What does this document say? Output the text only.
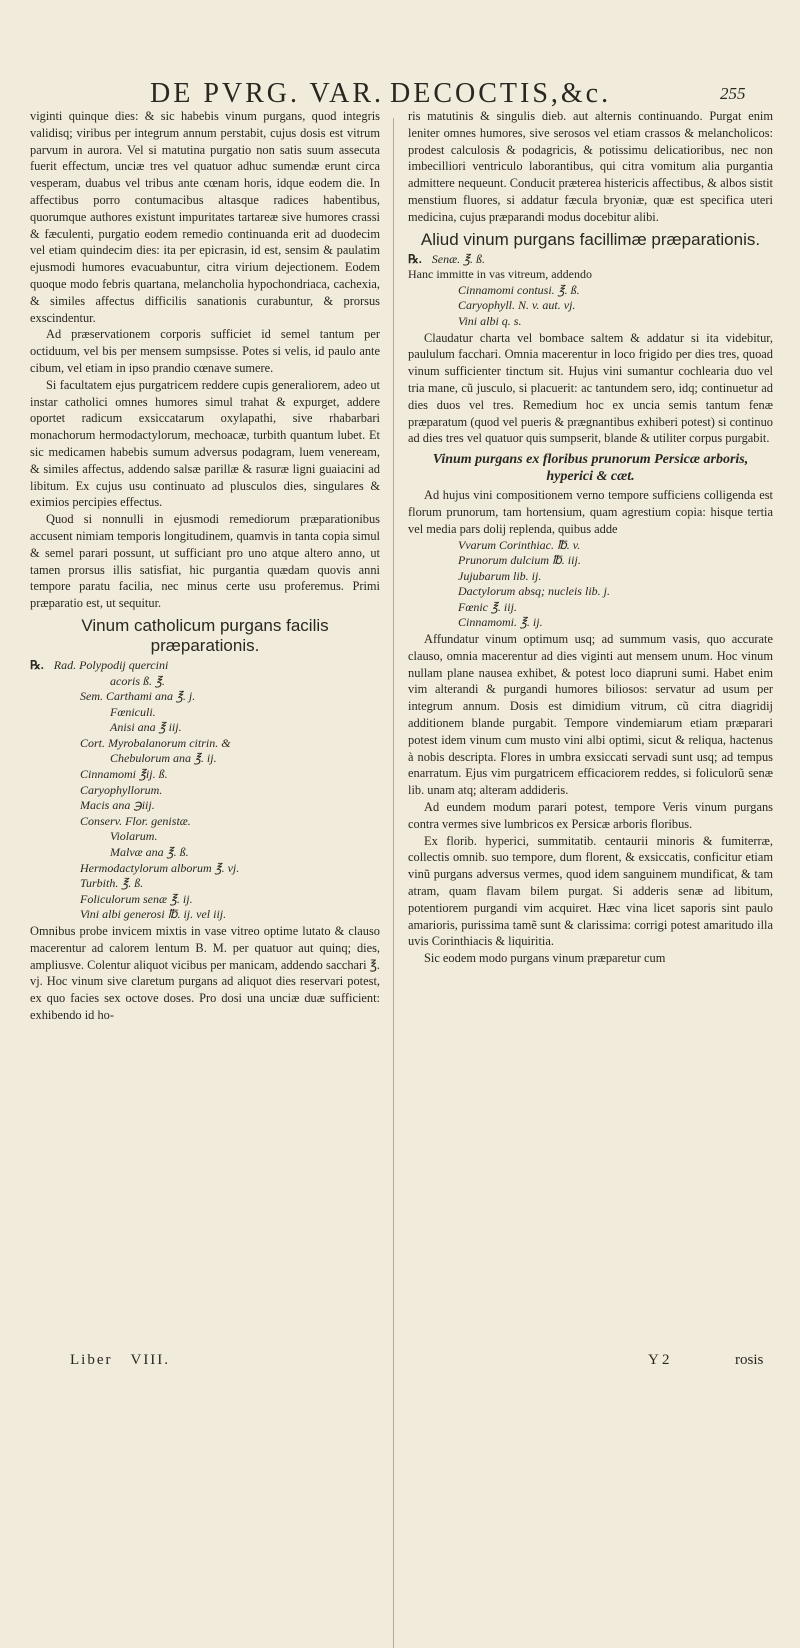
DE PVRG. VAR. DECOCTIS,&c.	255

viginti quinque dies: & sic habebis vinum purgans, quod integris validisq; viribus per integrum annum perstabit, cujus dosis est vitrum parvum in aurora. Vel si matutina purgatio non satis suum assecuta fuerit effectum, unciæ tres vel quatuor adhuc sumendæ erunt circa vesperam, duabus vel tribus ante cœnam horis, idque eodem die. In affectibus porro contumacibus altasque radices habentibus, quorumque authores existunt impuritates tartareæ sive humores crassi & fæculenti, purgatio eodem remedio continuanda erit ad duodecim vel etiam quindecim dies: ita per epicrasin, id est, sensim & paulatim ejusmodi humores evacuabuntur, citra virium dejectionem. Eodem quoque modo febris quartana, melancholia hypochondriaca, cachexia, & similes affectus difficilis sanationis curabuntur, & prorsus exscindentur.

Ad præservationem corporis sufficiet id semel tantum per octiduum, vel bis per mensem sumpsisse. Potes si velis, id paulo ante cibum, vel etiam in ipso prandio cœnave sumere.

Si facultatem ejus purgatricem reddere cupis generaliorem, adeo ut instar catholici omnes humores simul trahat & expurget, addere oportet radicum exsiccatarum oxylapathi, sive rhabarbari monachorum hermodactylorum, mechoacæ, turbith quantum lubet. Et sic medicamen habebis sumum adversus podagram, luem veneream, & similes affectus, addendo salsæ parillæ & rasuræ ligni guaiacini ad libitum. Ex cujus usu continuato ad plusculos dies, singulares & eximios percipies effectus.

Quod si nonnulli in ejusmodi remediorum præparationibus accusent nimiam temporis longitudinem, quamvis in tanta copia simul & semel parari possunt, ut sufficiant pro uno atque altero anno, ut tamen prorsus illis satisfiat, hic purgantia quædam quovis anni tempore paratu facilia, nec minus certe usu proferemus. Primi præparatio est, ut sequitur.

Vinum catholicum purgans facilis præparationis.
℞. Rad. Polypodij quercini
acoris ß. ℥.
Sem. Carthami ana ℥. j.
Fœniculi.
Anisi ana ℥ iij.
Cort. Myrobalanorum citrin. &
Chebulorum ana ℥. ij.
Cinnamomi ℥ij. ß.
Caryophyllorum.
Macis ana ℈iij.
Conserv. Flor. genistæ.
Violarum.
Malvæ ana ℥. ß.
Hermodactylorum alborum ℥. vj.
Turbith. ℥. ß.
Foliculorum senæ ℥. ij.
Vini albi generosi ℔. ij. vel iij.

Omnibus probe invicem mixtis in vase vitreo optime lutato & clauso macerentur ad calorem lentum B. M. per quatuor aut quinq; dies, ampliusve. Colentur aliquot vicibus per manicam, addendo sacchari ℥. vj. Hoc vinum sive claretum purgans ad aliquot dies reservari potest, ex quo facies sex octove doses. Pro dosi una unciæ duæ sufficient: exhibendo id ho-

ris matutinis & singulis dieb. aut alternis continuando. Purgat enim leniter omnes humores, sive serosos vel etiam crassos & melancholicos: prodest calculosis & podagricis, & potissimu delicatioribus, nec non imbecilliori ventriculo laborantibus, qui citra vomitum alia purgantia admittere nequeunt. Conducit præterea histericis affectibus, & albos sistit menstium fluores, si addatur fæcula bryoniæ, quæ est specifica uteri medicina, cujus præparandi modus docebitur alibi.

Aliud vinum purgans facillimæ præparationis.
℞. Senæ. ℥. ß.
Hanc immitte in vas vitreum, addendo
Cinnamomi contusi. ℥. ß.
Caryophyll. N. v. aut. vj.
Vini albi q. s.

Claudatur charta vel bombace saltem & addatur si ita videbitur, paululum facchari. Omnia macerentur in loco frigido per dies tres, quoad vinum sufficienter tinctum sit. Hujus vini sumantur cochlearia duo vel tria mane, cũ jusculo, si placuerit: ac tantundem sero, idq; continuetur ad dies duos vel tres. Remedium hoc ex uncia semis tantum fenæ præparatum (quod vel pueris & prægnantibus exhiberi potest) si continuo ad dies tres vel quatuor quis sumpserit, blande & utiliter corpus purgabit.

Vinum purgans ex floribus prunorum Persicæ arboris, hyperici & cæt.

Ad hujus vini compositionem verno tempore sufficiens colligenda est florum prunorum, tam hortensium, quam agrestium copia: hisque tertia vel media pars dolij replenda, quibus adde

Vvarum Corinthiac. ℔. v.
Prunorum dulcium ℔. iij.
Jujubarum lib. ij.
Dactylorum absq; nucleis lib. j.
Fœnic ℥. iij.
Cinnamomi. ℥. ij.

Affundatur vinum optimum usq; ad summum vasis, quo accurate clauso, omnia macerentur ad dies viginti aut mensem unum. Hoc vinum nullam plane nausea exhibet, & potest loco diapruni sumi. Habet enim vim alterandi & purgandi humores biliosos: servatur ad usum per integrum annum. Dosis est dimidium vitrum, cũ citra diagridij additionem blande purgabit. Tempore vindemiarum etiam præparari potest idem vinum cum musto vini albi optimi, sicut & reliqua, hactenus à nobis descripta. Flores in umbra exsiccati servadi sunt usq; ad tempus enarratum. Ejus vim purgatricem efficaciorem reddes, si foliculorũ senæ lib. unam atq; alteram addideris.

Ad eundem modum parari potest, tempore Veris vinum purgans contra vermes sive lumbricos ex Persicæ arboris floribus.

Ex florib. hyperici, summitatib. centaurii minoris & fumiterræ, collectis omnib. suo tempore, dum florent, & exsiccatis, conficitur etiam vinũ purgans adversus vermes, quod idem sanguinem mundificat, & tam atram, quam flavam bilem purgat. Si adderis senæ ad libitum, potentiorem purgandi vim acquiret. Hæc vina licet saporis sint paulo amarioris, purissima tamẽ sunt & clarissima: corrigi potest amaritudo illa uvis Corinthiacis & liquiritia.

Sic eodem modo purgans vinum præparetur cum

Liber VIII.	Y 2	rosis
